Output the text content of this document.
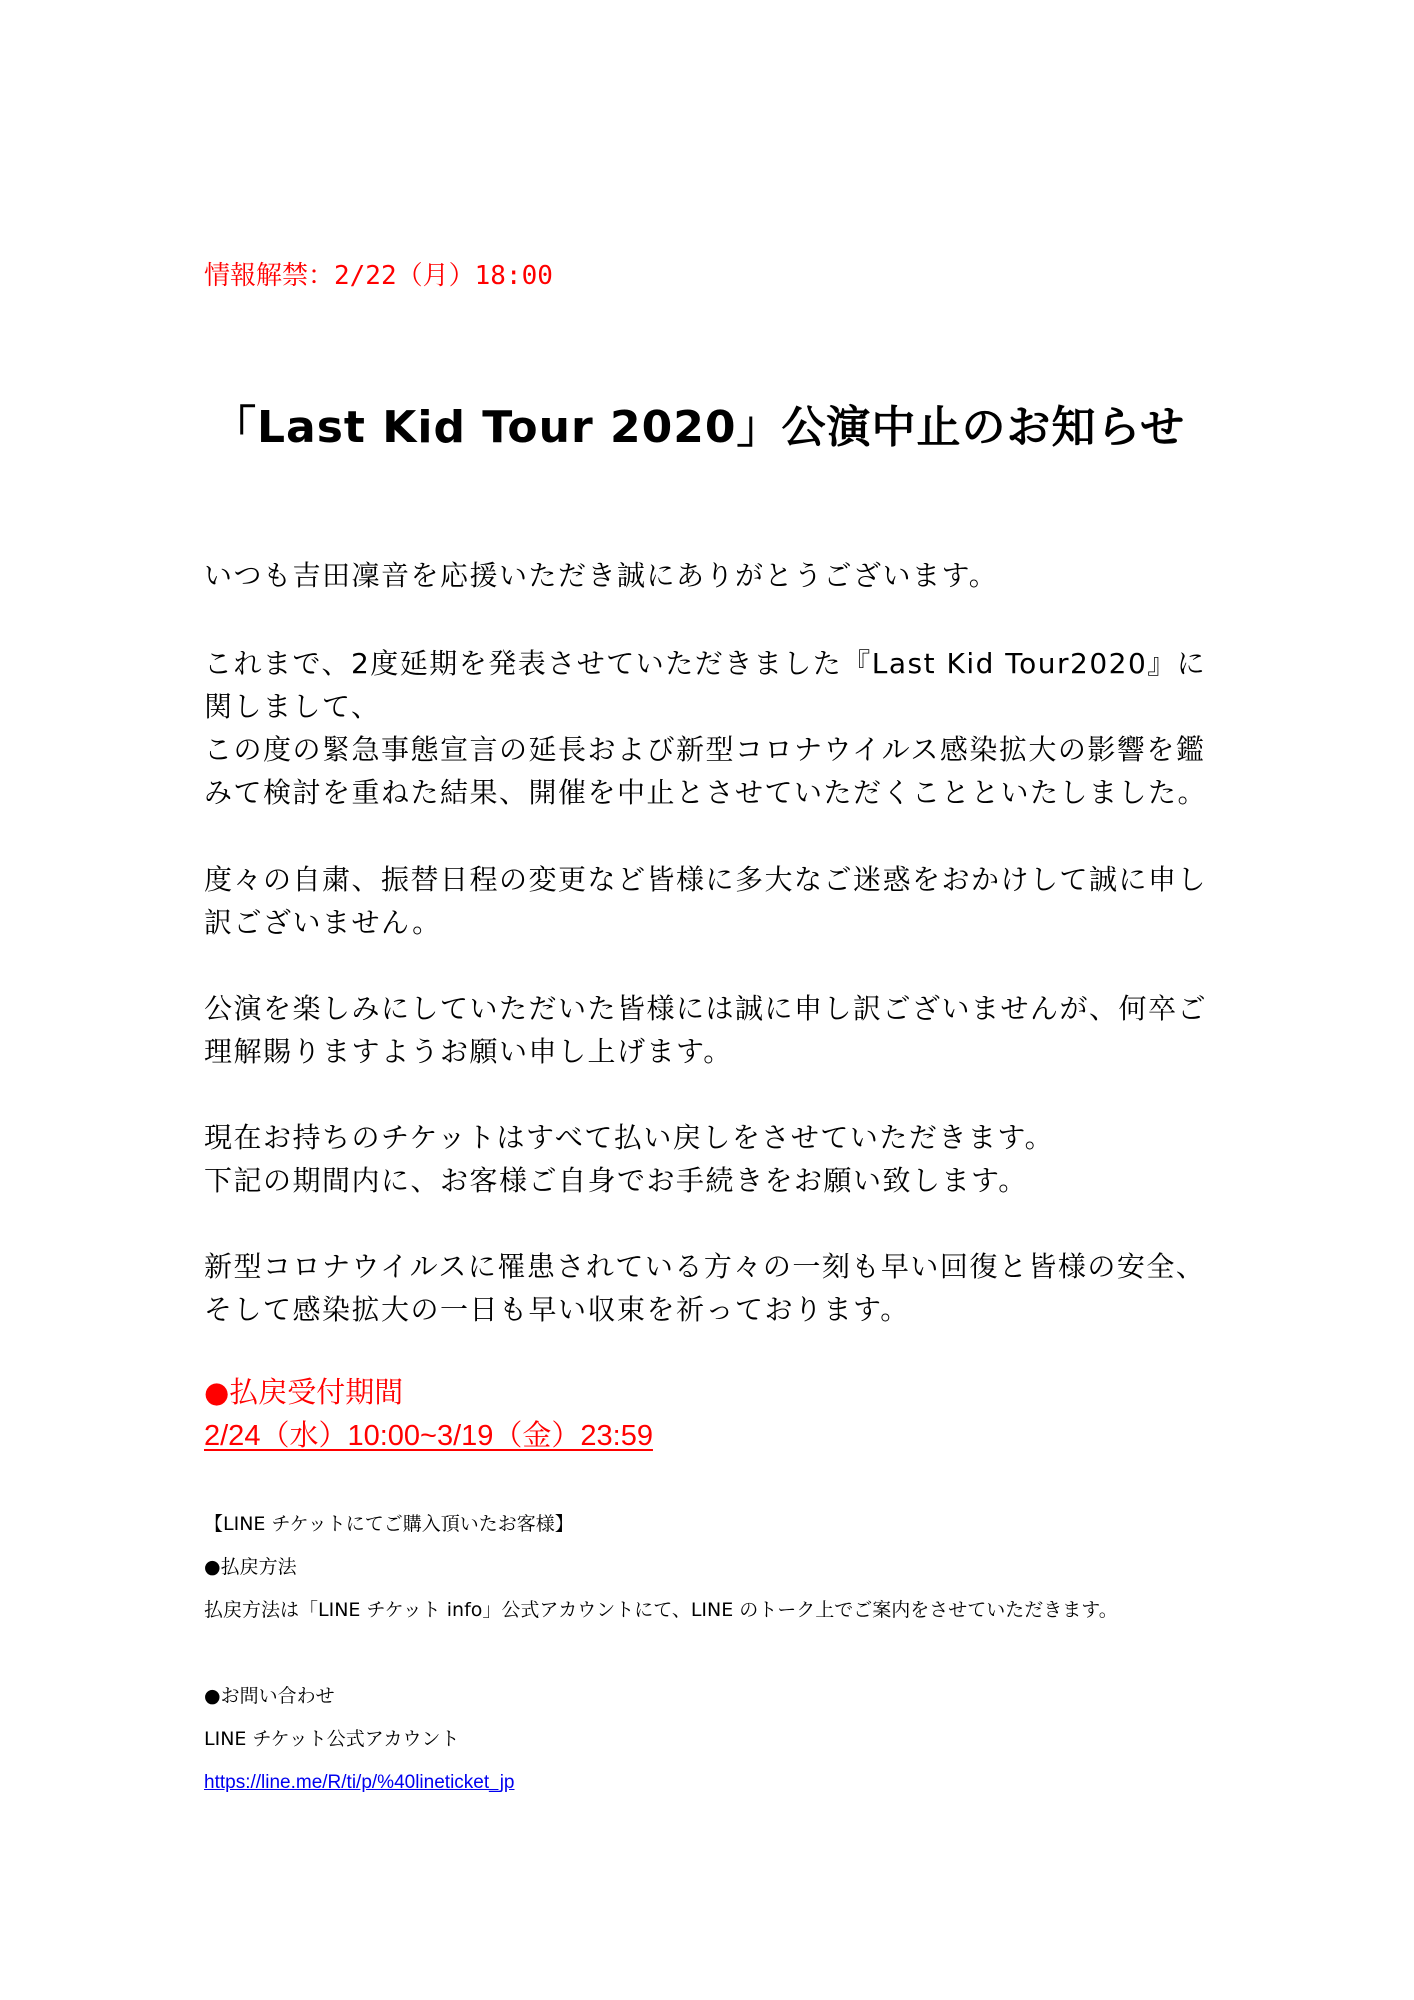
情報解禁：2/22（月）18:00
「Last Kid Tour 2020」公演中止のお知らせ

いつも吉田凜音を応援いただき誠にありがとうございます。

これまで、2度延期を発表させていただきました『Last Kid Tour2020』に関しまして、

この度の緊急事態宣言の延長および新型コロナウイルス感染拡大の影響を鑑みて検討を重ねた結果、開催を中止とさせていただくことといたしました。

度々の自粛、振替日程の変更など皆様に多大なご迷惑をおかけして誠に申し訳ございません。

公演を楽しみにしていただいた皆様には誠に申し訳ございませんが、何卒ご理解賜りますようお願い申し上げます。

現在お持ちのチケットはすべて払い戻しをさせていただきます。

下記の期間内に、お客様ご自身でお手続きをお願い致します。

新型コロナウイルスに罹患されている方々の一刻も早い回復と皆様の安全、そして感染拡大の一日も早い収束を祈っております。

●払戻受付期間
2/24（水）10:00~3/19（金）23:59
【LINE チケットにてご購入頂いたお客様】
●払戻方法
払戻方法は「LINE チケット info」公式アカウントにて、LINE のトーク上でご案内をさせていただきます。
●お問い合わせ
LINE チケット公式アカウント
https://line.me/R/ti/p/%40lineticket_jp
